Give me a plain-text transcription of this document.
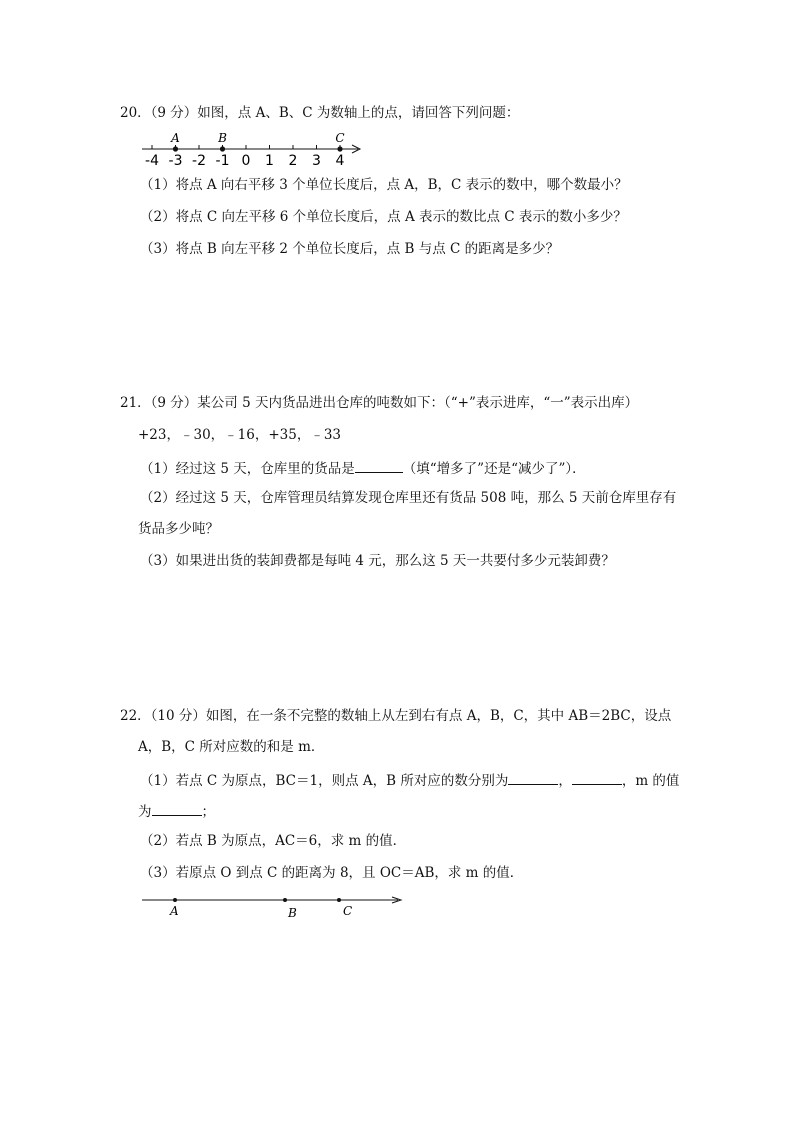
20．（9 分）如图，点 A、B、C 为数轴上的点，请回答下列问题：
-4 -3 -2 -1 0 1 2 3 4
A	B	C
（1）将点 A 向右平移 3 个单位长度后，点 A，B，C 表示的数中，哪个数最小？
（2）将点 C 向左平移 6 个单位长度后，点 A 表示的数比点 C 表示的数小多少？
（3）将点 B 向左平移 2 个单位长度后，点 B 与点 C 的距离是多少？
21．（9 分）某公司 5 天内货品进出仓库的吨数如下：（“+”表示进库，“一”表示出库）
+23，﹣30，﹣16，+35，﹣33
（1）经过这 5 天，仓库里的货品是	（填“增多了”还是“减少了”）．
（2）经过这 5 天，仓库管理员结算发现仓库里还有货品 508 吨，那么 5 天前仓库里存有
货品多少吨？
（3）如果进出货的装卸费都是每吨 4 元，那么这 5 天一共要付多少元装卸费？
22．（10 分）如图，在一条不完整的数轴上从左到右有点 A，B，C，其中 AB＝2BC，设点
A，B，C 所对应数的和是 m．
（1）若点 C 为原点，BC＝1，则点 A，B 所对应的数分别为	，	，m 的值
为	；
（2）若点 B 为原点，AC＝6，求 m 的值．
（3）若原点 O 到点 C 的距离为 8，且 OC＝AB，求 m 的值．
A	B	C
